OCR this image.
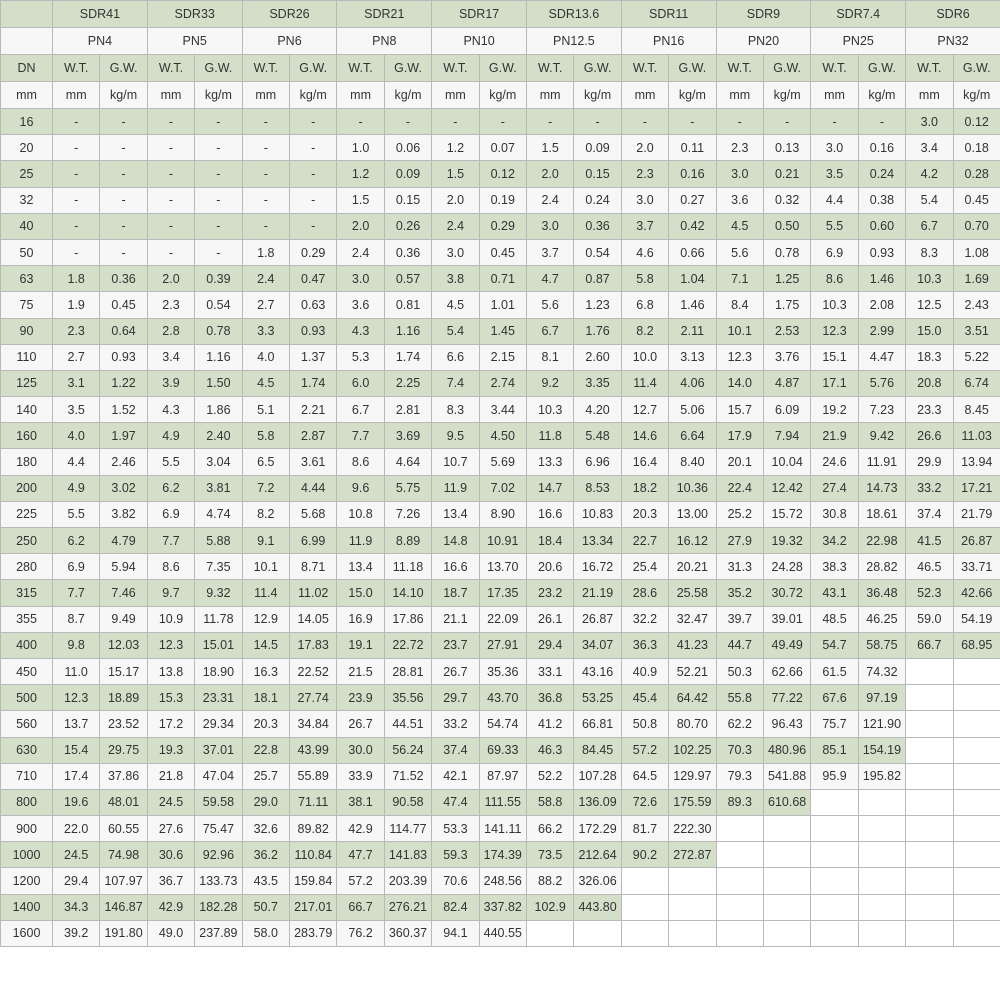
	SDR41		SDR33		SDR26		SDR21		SDR17		SDR13.6		SDR11		SDR9		SDR7.4		SDR6	
	PN4		PN5		PN6		PN8		PN10		PN12.5		PN16		PN20		PN25		PN32	
DN	W.T.	G.W.	W.T.	G.W.	W.T.	G.W.	W.T.	G.W.	W.T.	G.W.	W.T.	G.W.	W.T.	G.W.	W.T.	G.W.	W.T.	G.W.	W.T.	G.W.
mm	mm	kg/m	mm	kg/m	mm	kg/m	mm	kg/m	mm	kg/m	mm	kg/m	mm	kg/m	mm	kg/m	mm	kg/m	mm	kg/m
16	-	-	-	-	-	-	-	-	-	-	-	-	-	-	-	-	-	-	3.0	0.12
20	-	-	-	-	-	-	1.0	0.06	1.2	0.07	1.5	0.09	2.0	0.11	2.3	0.13	3.0	0.16	3.4	0.18
25	-	-	-	-	-	-	1.2	0.09	1.5	0.12	2.0	0.15	2.3	0.16	3.0	0.21	3.5	0.24	4.2	0.28
32	-	-	-	-	-	-	1.5	0.15	2.0	0.19	2.4	0.24	3.0	0.27	3.6	0.32	4.4	0.38	5.4	0.45
40	-	-	-	-	-	-	2.0	0.26	2.4	0.29	3.0	0.36	3.7	0.42	4.5	0.50	5.5	0.60	6.7	0.70
50	-	-	-	-	1.8	0.29	2.4	0.36	3.0	0.45	3.7	0.54	4.6	0.66	5.6	0.78	6.9	0.93	8.3	1.08
63	1.8	0.36	2.0	0.39	2.4	0.47	3.0	0.57	3.8	0.71	4.7	0.87	5.8	1.04	7.1	1.25	8.6	1.46	10.3	1.69
75	1.9	0.45	2.3	0.54	2.7	0.63	3.6	0.81	4.5	1.01	5.6	1.23	6.8	1.46	8.4	1.75	10.3	2.08	12.5	2.43
90	2.3	0.64	2.8	0.78	3.3	0.93	4.3	1.16	5.4	1.45	6.7	1.76	8.2	2.11	10.1	2.53	12.3	2.99	15.0	3.51
110	2.7	0.93	3.4	1.16	4.0	1.37	5.3	1.74	6.6	2.15	8.1	2.60	10.0	3.13	12.3	3.76	15.1	4.47	18.3	5.22
125	3.1	1.22	3.9	1.50	4.5	1.74	6.0	2.25	7.4	2.74	9.2	3.35	11.4	4.06	14.0	4.87	17.1	5.76	20.8	6.74
140	3.5	1.52	4.3	1.86	5.1	2.21	6.7	2.81	8.3	3.44	10.3	4.20	12.7	5.06	15.7	6.09	19.2	7.23	23.3	8.45
160	4.0	1.97	4.9	2.40	5.8	2.87	7.7	3.69	9.5	4.50	11.8	5.48	14.6	6.64	17.9	7.94	21.9	9.42	26.6	11.03
180	4.4	2.46	5.5	3.04	6.5	3.61	8.6	4.64	10.7	5.69	13.3	6.96	16.4	8.40	20.1	10.04	24.6	11.91	29.9	13.94
200	4.9	3.02	6.2	3.81	7.2	4.44	9.6	5.75	11.9	7.02	14.7	8.53	18.2	10.36	22.4	12.42	27.4	14.73	33.2	17.21
225	5.5	3.82	6.9	4.74	8.2	5.68	10.8	7.26	13.4	8.90	16.6	10.83	20.3	13.00	25.2	15.72	30.8	18.61	37.4	21.79
250	6.2	4.79	7.7	5.88	9.1	6.99	11.9	8.89	14.8	10.91	18.4	13.34	22.7	16.12	27.9	19.32	34.2	22.98	41.5	26.87
280	6.9	5.94	8.6	7.35	10.1	8.71	13.4	11.18	16.6	13.70	20.6	16.72	25.4	20.21	31.3	24.28	38.3	28.82	46.5	33.71
315	7.7	7.46	9.7	9.32	11.4	11.02	15.0	14.10	18.7	17.35	23.2	21.19	28.6	25.58	35.2	30.72	43.1	36.48	52.3	42.66
355	8.7	9.49	10.9	11.78	12.9	14.05	16.9	17.86	21.1	22.09	26.1	26.87	32.2	32.47	39.7	39.01	48.5	46.25	59.0	54.19
400	9.8	12.03	12.3	15.01	14.5	17.83	19.1	22.72	23.7	27.91	29.4	34.07	36.3	41.23	44.7	49.49	54.7	58.75	66.7	68.95
450	11.0	15.17	13.8	18.90	16.3	22.52	21.5	28.81	26.7	35.36	33.1	43.16	40.9	52.21	50.3	62.66	61.5	74.32		
500	12.3	18.89	15.3	23.31	18.1	27.74	23.9	35.56	29.7	43.70	36.8	53.25	45.4	64.42	55.8	77.22	67.6	97.19		
560	13.7	23.52	17.2	29.34	20.3	34.84	26.7	44.51	33.2	54.74	41.2	66.81	50.8	80.70	62.2	96.43	75.7	121.90		
630	15.4	29.75	19.3	37.01	22.8	43.99	30.0	56.24	37.4	69.33	46.3	84.45	57.2	102.25	70.3	480.96	85.1	154.19		
710	17.4	37.86	21.8	47.04	25.7	55.89	33.9	71.52	42.1	87.97	52.2	107.28	64.5	129.97	79.3	541.88	95.9	195.82		
800	19.6	48.01	24.5	59.58	29.0	71.11	38.1	90.58	47.4	111.55	58.8	136.09	72.6	175.59	89.3	610.68				
900	22.0	60.55	27.6	75.47	32.6	89.82	42.9	114.77	53.3	141.11	66.2	172.29	81.7	222.30						
1000	24.5	74.98	30.6	92.96	36.2	110.84	47.7	141.83	59.3	174.39	73.5	212.64	90.2	272.87						
1200	29.4	107.97	36.7	133.73	43.5	159.84	57.2	203.39	70.6	248.56	88.2	326.06								
1400	34.3	146.87	42.9	182.28	50.7	217.01	66.7	276.21	82.4	337.82	102.9	443.80								
1600	39.2	191.80	49.0	237.89	58.0	283.79	76.2	360.37	94.1	440.55										
